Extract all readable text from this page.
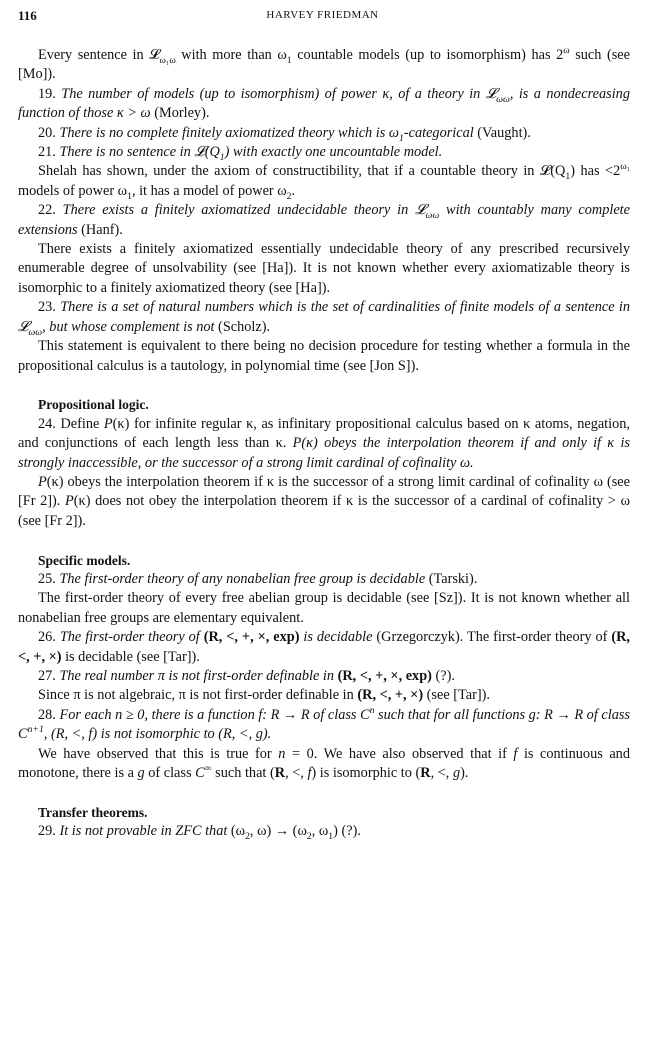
116	HARVEY FRIEDMAN

Every sentence in 𝓛$_{\omega_1\omega}$ with more than $\omega_1$ countable models (up to isomorphism) has $2^\omega$ such (see [Mo]).

19. The number of models (up to isomorphism) of power κ, of a theory in 𝓛$_{\omega\omega}$, is a nondecreasing function of those κ > ω (Morley).

20. There is no complete finitely axiomatized theory which is $\omega_1$-categorical (Vaught).

21. There is no sentence in $𝓛(Q_1)$ with exactly one uncountable model.

Shelah has shown, under the axiom of constructibility, that if a countable theory in $𝓛(Q_1)$ has $<2^{\omega_1}$ models of power $\omega_1$, it has a model of power $\omega_2$.

22. There exists a finitely axiomatized undecidable theory in 𝓛$_{\omega\omega}$ with countably many complete extensions (Hanf).

There exists a finitely axiomatized essentially undecidable theory of any prescribed recursively enumerable degree of unsolvability (see [Ha]). It is not known whether every axiomatizable theory is isomorphic to a finitely axiomatized theory (see [Ha]).

23. There is a set of natural numbers which is the set of cardinalities of finite models of a sentence in 𝓛$_{\omega\omega}$, but whose complement is not (Scholz).

This statement is equivalent to there being no decision procedure for testing whether a formula in the propositional calculus is a tautology, in polynomial time (see [Jon S]).

Propositional logic.

24. Define P(κ) for infinite regular κ, as infinitary propositional calculus based on κ atoms, negation, and conjunctions of each length less than κ. P(κ) obeys the interpolation theorem if and only if κ is strongly inaccessible, or the successor of a strong limit cardinal of cofinality ω.

P(κ) obeys the interpolation theorem if κ is the successor of a strong limit cardinal of cofinality ω (see [Fr 2]). P(κ) does not obey the interpolation theorem if κ is the successor of a cardinal of cofinality > ω (see [Fr 2]).

Specific models.

25. The first-order theory of any nonabelian free group is decidable (Tarski).

The first-order theory of every free abelian group is decidable (see [Sz]). It is not known whether all nonabelian free groups are elementary equivalent.

26. The first-order theory of (R, <, +, ×, exp) is decidable (Grzegorczyk). The first-order theory of (R, <, +, ×) is decidable (see [Tar]).

27. The real number π is not first-order definable in (R, <, +, ×, exp) (?).

Since π is not algebraic, π is not first-order definable in (R, <, +, ×) (see [Tar]).

28. For each n ≥ 0, there is a function f: R → R of class $C^n$ such that for all functions g: R → R of class $C^{n+1}$, (R, <, f) is not isomorphic to (R, <, g).

We have observed that this is true for n = 0. We have also observed that if f is continuous and monotone, there is a g of class C∞ such that (R, <, f) is isomorphic to (R, <, g).

Transfer theorems.

29. It is not provable in ZFC that ($\omega_2$, $\omega) \to (\omega_2$, $\omega_1$) (?).
